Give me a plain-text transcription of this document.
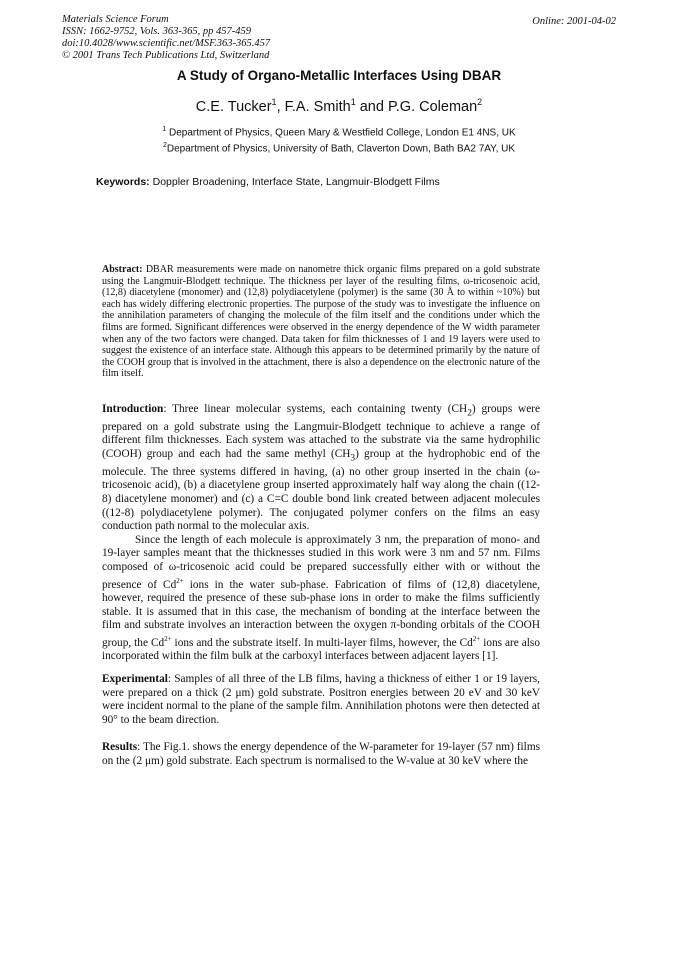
Materials Science Forum
ISSN: 1662-9752, Vols. 363-365, pp 457-459
doi:10.4028/www.scientific.net/MSF.363-365.457
© 2001 Trans Tech Publications Ltd, Switzerland
Online: 2001-04-02
A Study of Organo-Metallic Interfaces Using DBAR
C.E. Tucker$^1$, F.A. Smith$^1$ and P.G. Coleman$^2$
$^1$ Department of Physics, Queen Mary & Westfield College, London E1 4NS, UK
$^2$Department of Physics, University of Bath, Claverton Down, Bath BA2 7AY, UK
Keywords: Doppler Broadening, Interface State, Langmuir-Blodgett Films

Abstract: DBAR measurements were made on nanometre thick organic films prepared on a gold substrate using the Langmuir-Blodgett technique. The thickness per layer of the resulting films, ω-tricosenoic acid, (12,8) diacetylene (monomer) and (12,8) polydiacetylene (polymer) is the same (30 Å to within ~10%) but each has widely differing electronic properties. The purpose of the study was to investigate the influence on the annihilation parameters of changing the molecule of the film itself and the conditions under which the films are formed. Significant differences were observed in the energy dependence of the W width parameter when any of the two factors were changed. Data taken for film thicknesses of 1 and 19 layers were used to suggest the existence of an interface state. Although this appears to be determined primarily by the nature of the COOH group that is involved in the attachment, there is also a dependence on the electronic nature of the film itself.

Introduction: Three linear molecular systems, each containing twenty $(CH_2)$ groups were prepared on a gold substrate using the Langmuir-Blodgett technique to achieve a range of different film thicknesses. Each system was attached to the substrate via the same hydrophilic (COOH) group and each had the same methyl $(CH_3)$ group at the hydrophobic end of the molecule. The three systems differed in having, (a) no other group inserted in the chain (ω-tricosenoic acid), (b) a diacetylene group inserted approximately half way along the chain ((12-8) diacetylene monomer) and (c) a C=C double bond link created between adjacent molecules ((12-8) polydiacetylene polymer). The conjugated polymer confers on the films an easy conduction path normal to the molecular axis.

Since the length of each molecule is approximately 3 nm, the preparation of mono- and 19-layer samples meant that the thicknesses studied in this work were 3 nm and 57 nm. Films composed of ω-tricosenoic acid could be prepared successfully either with or without the presence of $Cd^{2+}$ ions in the water sub-phase. Fabrication of films of (12,8) diacetylene, however, required the presence of these sub-phase ions in order to make the films sufficiently stable. It is assumed that in this case, the mechanism of bonding at the interface between the film and substrate involves an interaction between the oxygen π-bonding orbitals of the COOH group, the $Cd^{2+}$ ions and the substrate itself. In multi-layer films, however, the $Cd^{2+}$ ions are also incorporated within the film bulk at the carboxyl interfaces between adjacent layers [1].

Experimental: Samples of all three of the LB films, having a thickness of either 1 or 19 layers, were prepared on a thick (2 μm) gold substrate. Positron energies between 20 eV and 30 keV were incident normal to the plane of the sample film. Annihilation photons were then detected at 90° to the beam direction.

Results: The Fig.1. shows the energy dependence of the W-parameter for 19-layer (57 nm) films on the (2 μm) gold substrate. Each spectrum is normalised to the W-value at 30 keV where the
